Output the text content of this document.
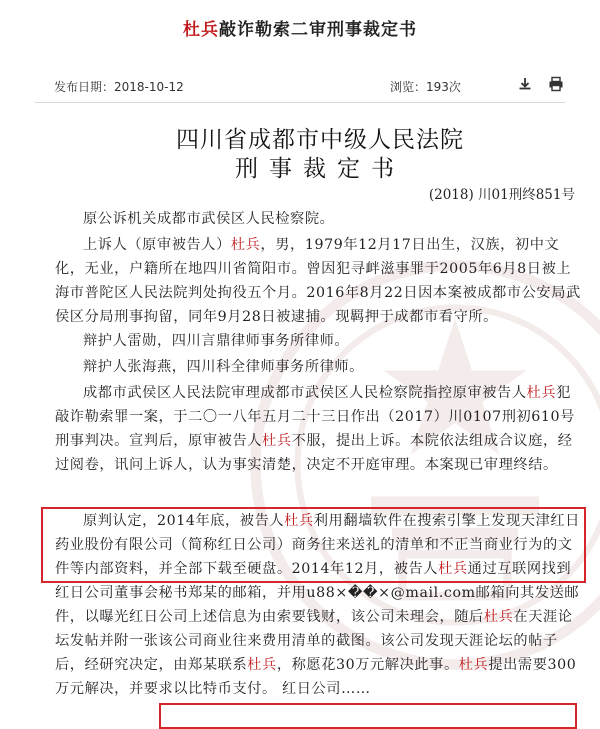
杜兵敲诈勒索二审刑事裁定书
发布日期：2018-10-12	浏览：193次
四川省成都市中级人民法院
刑事裁定书
(2018) 川01刑终851号
原公诉机关成都市武侯区人民检察院。
上诉人（原审被告人）杜兵，男，1979年12月17日出生，汉族，初中文化，无业，户籍所在地四川省简阳市。曾因犯寻衅滋事罪于2005年6月8日被上海市普陀区人民法院判处拘役五个月。2016年8月22日因本案被成都市公安局武侯区分局刑事拘留，同年9月28日被逮捕。现羁押于成都市看守所。
辩护人雷勋，四川言鼎律师事务所律师。
辩护人张海燕，四川科全律师事务所律师。
成都市武侯区人民法院审理成都市武侯区人民检察院指控原审被告人杜兵犯敲诈勒索罪一案，于二〇一八年五月二十三日作出（2017）川0107刑初610号刑事判决。宣判后，原审被告人杜兵不服，提出上诉。本院依法组成合议庭，经过阅卷，讯问上诉人，认为事实清楚，决定不开庭审理。本案现已审理终结。
原判认定，2014年底，被告人杜兵利用翻墙软件在搜索引擎上发现天津红日药业股份有限公司（简称红日公司）商务往来送礼的清单和不正当商业行为的文件等内部资料，并全部下载至硬盘。2014年12月，被告人杜兵通过互联网找到红日公司董事会秘书郑某的邮箱，并用u88×��×@mail.com邮箱向其发送邮件，以曝光红日公司上述信息为由索要钱财，该公司未理会，随后杜兵在天涯论坛发帖并附一张该公司商业往来费用清单的截图。该公司发现天涯论坛的帖子后，经研究决定，由郑某联系杜兵，称愿花30万元解决此事。杜兵提出需要300万元解决，并要求以比特币支付。 红日公司……
